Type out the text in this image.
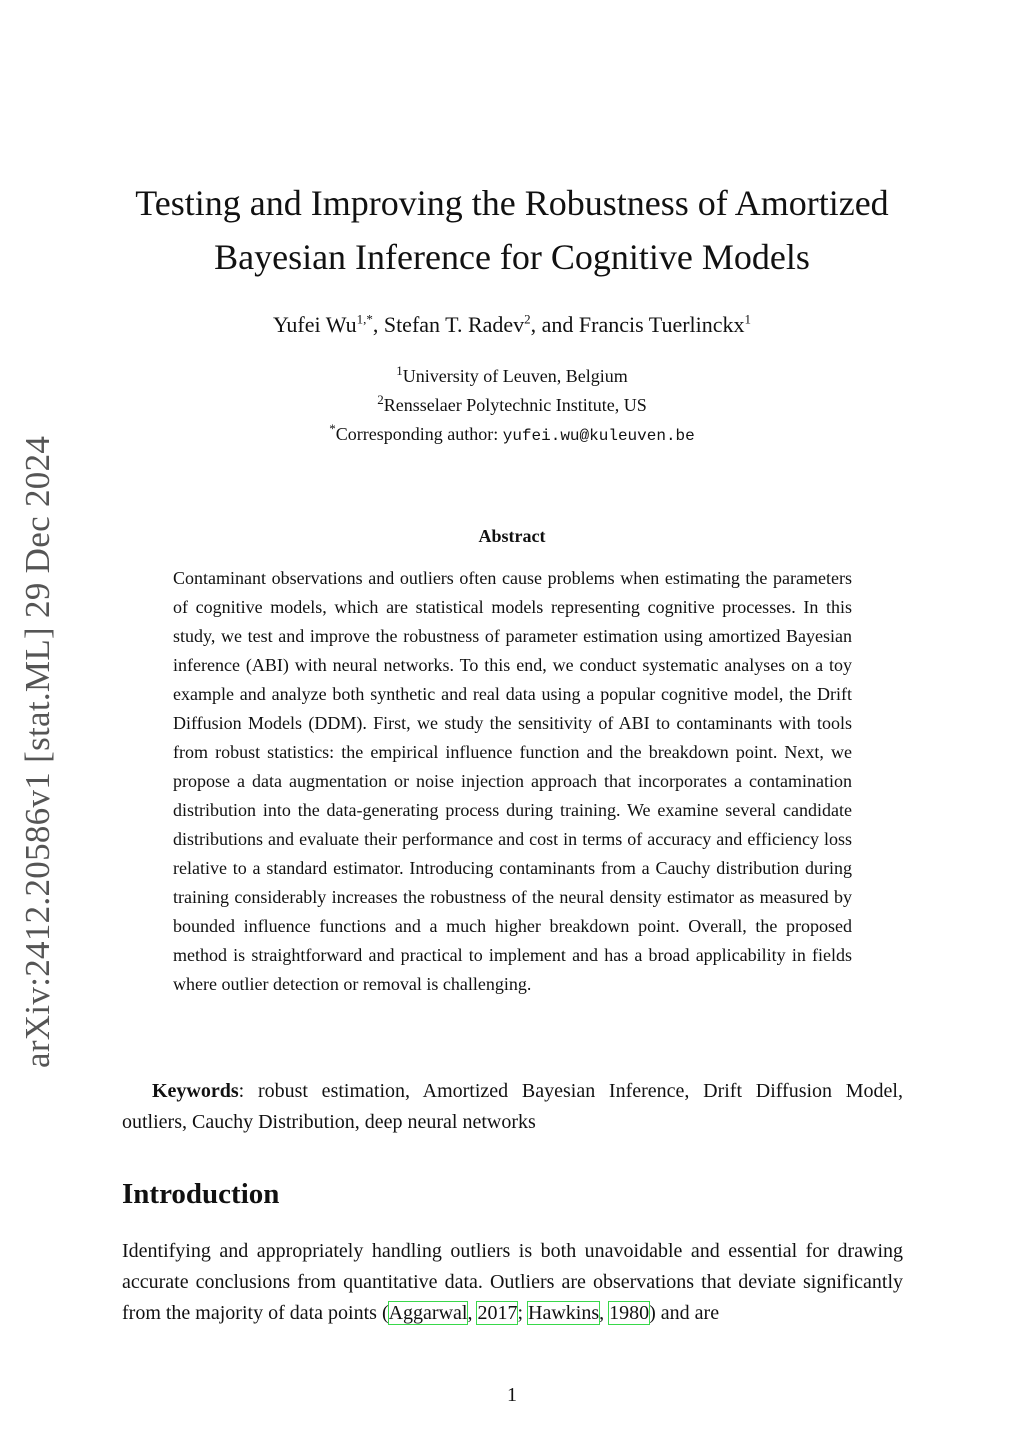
arXiv:2412.20586v1 [stat.ML] 29 Dec 2024
Testing and Improving the Robustness of Amortized
Bayesian Inference for Cognitive Models
Yufei $Wu^{1,*}$, Stefan T. Radev$^2$, and Francis Tuerlinckx$^1$
$^1$University of Leuven, Belgium
$^2$Rensselaer Polytechnic Institute, US
*Corresponding author: yufei.wu@kuleuven.be
Abstract

Contaminant observations and outliers often cause problems when estimating the parameters of cognitive models, which are statistical models representing cognitive processes. In this study, we test and improve the robustness of parameter estimation using amortized Bayesian inference (ABI) with neural networks. To this end, we conduct systematic analyses on a toy example and analyze both synthetic and real data using a popular cognitive model, the Drift Diffusion Models (DDM). First, we study the sensitivity of ABI to contaminants with tools from robust statistics: the empirical influence function and the breakdown point. Next, we propose a data augmentation or noise injection approach that incorporates a contamination distribution into the data-generating process during training. We examine several candidate distributions and evaluate their performance and cost in terms of accuracy and efficiency loss relative to a standard estimator. Introducing contaminants from a Cauchy distribution during training considerably increases the robustness of the neural density estimator as measured by bounded influence functions and a much higher breakdown point. Overall, the proposed method is straightforward and practical to implement and has a broad applicability in fields where outlier detection or removal is challenging.

Keywords: robust estimation, Amortized Bayesian Inference, Drift Diffusion Model, outliers, Cauchy Distribution, deep neural networks

Introduction

Identifying and appropriately handling outliers is both unavoidable and essential for drawing accurate conclusions from quantitative data. Outliers are observations that deviate significantly from the majority of data points (Aggarwal, 2017; Hawkins, 1980) and are

1
